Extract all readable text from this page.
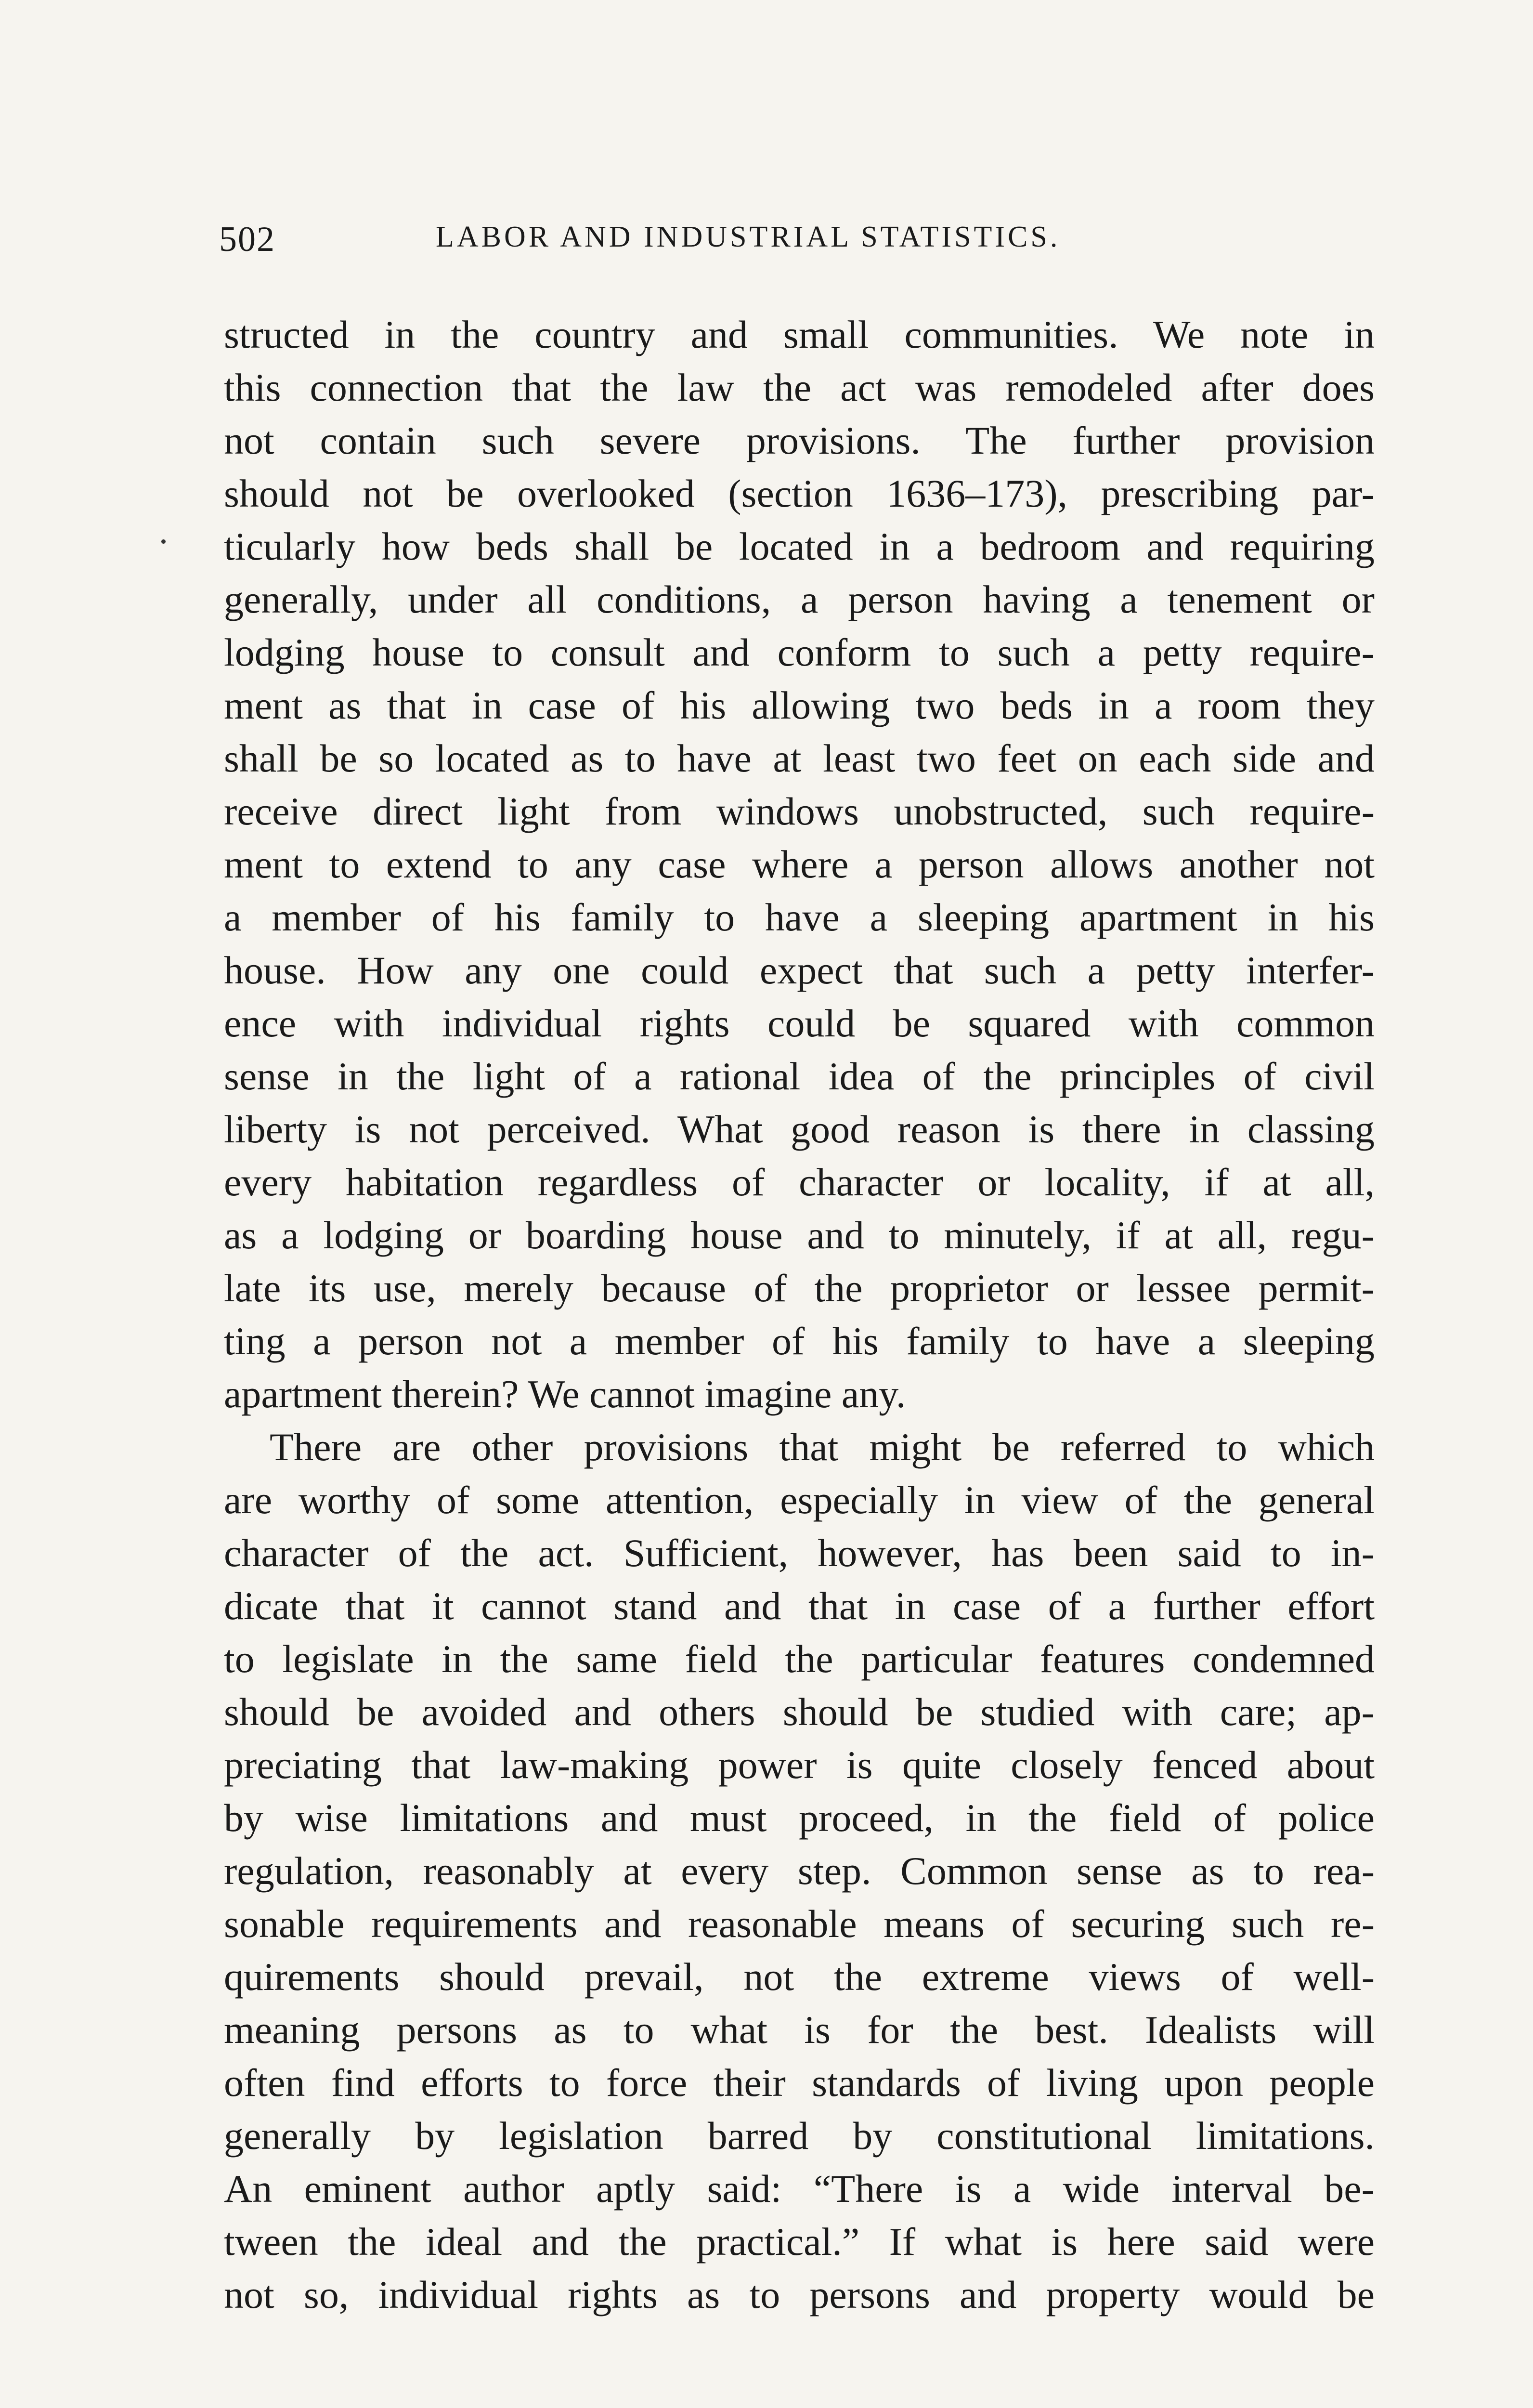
502	LABOR AND INDUSTRIAL STATISTICS.
structed in the country and small communities. We note in
this connection that the law the act was remodeled after does
not contain such severe provisions. The further provision
should not be overlooked (section 1636–173), prescribing par-
ticularly how beds shall be located in a bedroom and requiring
generally, under all conditions, a person having a tenement or
lodging house to consult and conform to such a petty require-
ment as that in case of his allowing two beds in a room they
shall be so located as to have at least two feet on each side and
receive direct light from windows unobstructed, such require-
ment to extend to any case where a person allows another not
a member of his family to have a sleeping apartment in his
house. How any one could expect that such a petty interfer-
ence with individual rights could be squared with common
sense in the light of a rational idea of the principles of civil
liberty is not perceived. What good reason is there in classing
every habitation regardless of character or locality, if at all,
as a lodging or boarding house and to minutely, if at all, regu-
late its use, merely because of the proprietor or lessee permit-
ting a person not a member of his family to have a sleeping
apartment therein? We cannot imagine any.
There are other provisions that might be referred to which
are worthy of some attention, especially in view of the general
character of the act. Sufficient, however, has been said to in-
dicate that it cannot stand and that in case of a further effort
to legislate in the same field the particular features condemned
should be avoided and others should be studied with care; ap-
preciating that law-making power is quite closely fenced about
by wise limitations and must proceed, in the field of police
regulation, reasonably at every step. Common sense as to rea-
sonable requirements and reasonable means of securing such re-
quirements should prevail, not the extreme views of well-
meaning persons as to what is for the best. Idealists will
often find efforts to force their standards of living upon people
generally by legislation barred by constitutional limitations.
An eminent author aptly said: “There is a wide interval be-
tween the ideal and the practical.” If what is here said were
not so, individual rights as to persons and property would be
